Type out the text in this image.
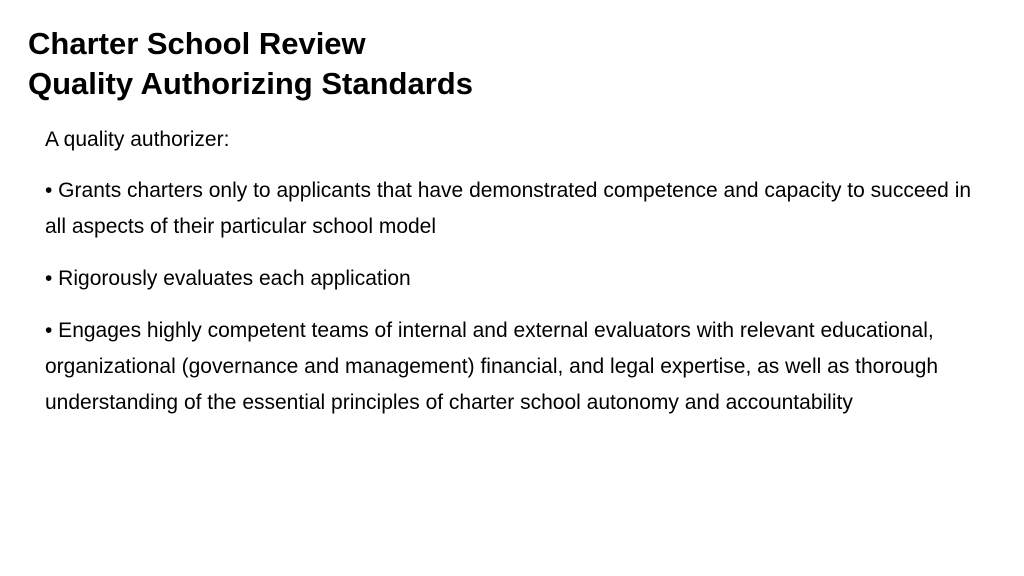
Charter School Review
Quality Authorizing Standards

A quality authorizer:

• Grants charters only to applicants that have demonstrated competence and capacity to succeed in all aspects of their particular school model

• Rigorously evaluates each application

• Engages highly competent teams of internal and external evaluators with relevant educational, organizational (governance and management) financial, and legal expertise, as well as thorough understanding of the essential principles of charter school autonomy and accountability
